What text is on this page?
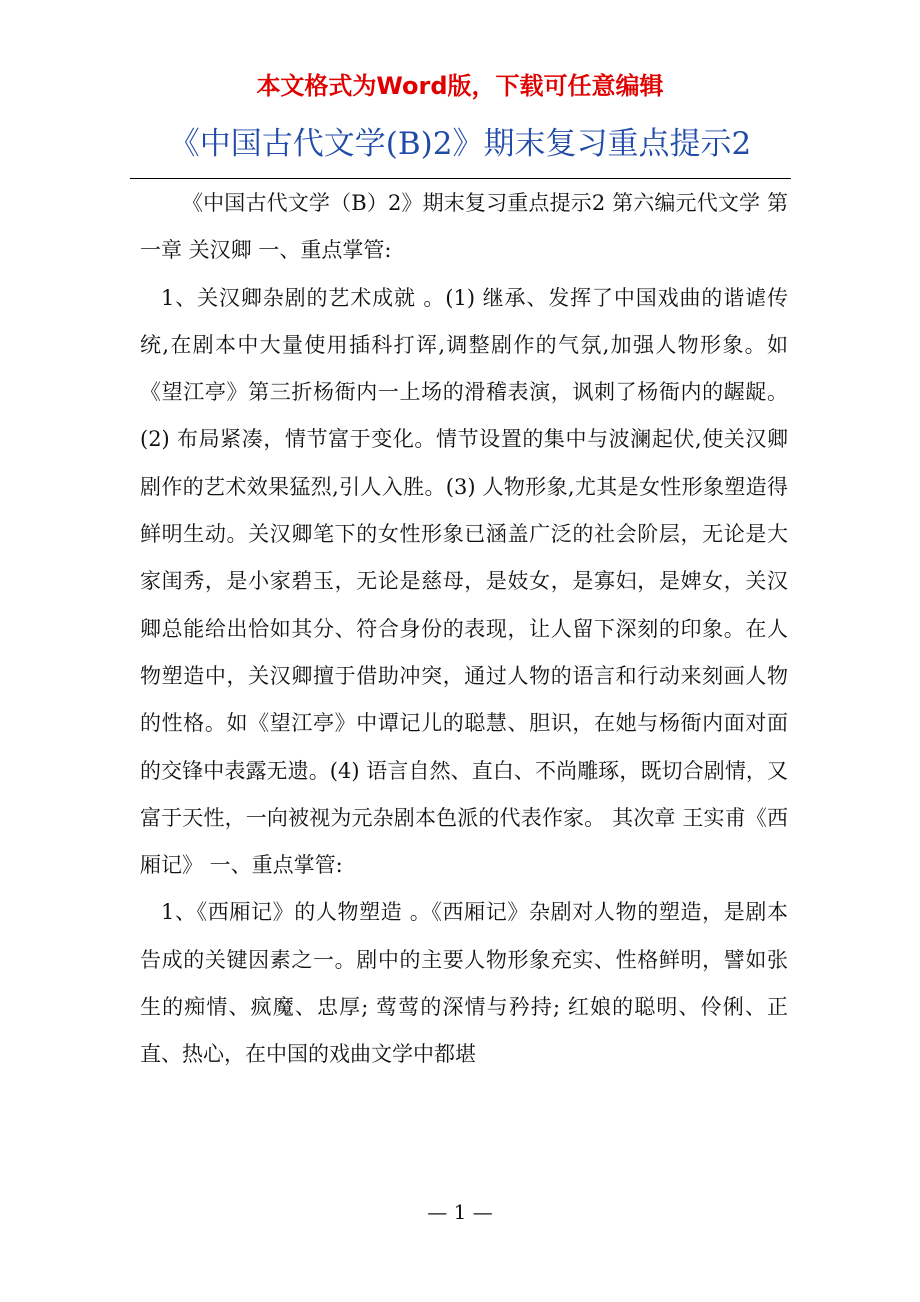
本文格式为Word版，下载可任意编辑
《中国古代文学(B)2》期末复习重点提示2

《中国古代文学（B）2》期末复习重点提示2 第六编元代文学 第一章 关汉卿 一、重点掌管:

1、关汉卿杂剧的艺术成就 。(1) 继承、发挥了中国戏曲的谐谑传统,在剧本中大量使用插科打诨,调整剧作的气氛,加强人物形象。如《望江亭》第三折杨衙内一上场的滑稽表演，讽刺了杨衙内的龌龊。(2) 布局紧凑，情节富于变化。情节设置的集中与波澜起伏,使关汉卿剧作的艺术效果猛烈,引人入胜。(3) 人物形象,尤其是女性形象塑造得鲜明生动。关汉卿笔下的女性形象已涵盖广泛的社会阶层，无论是大家闺秀，是小家碧玉，无论是慈母，是妓女，是寡妇，是婢女，关汉卿总能给出恰如其分、符合身份的表现，让人留下深刻的印象。在人物塑造中，关汉卿擅于借助冲突，通过人物的语言和行动来刻画人物的性格。如《望江亭》中谭记儿的聪慧、胆识，在她与杨衙内面对面的交锋中表露无遗。(4) 语言自然、直白、不尚雕琢，既切合剧情，又富于天性，一向被视为元杂剧本色派的代表作家。 其次章 王实甫《西厢记》 一、重点掌管:

1、《西厢记》的人物塑造 。《西厢记》杂剧对人物的塑造，是剧本告成的关键因素之一。剧中的主要人物形象充实、性格鲜明，譬如张生的痴情、疯魔、忠厚; 莺莺的深情与矜持; 红娘的聪明、伶俐、正直、热心，在中国的戏曲文学中都堪

— 1 —
